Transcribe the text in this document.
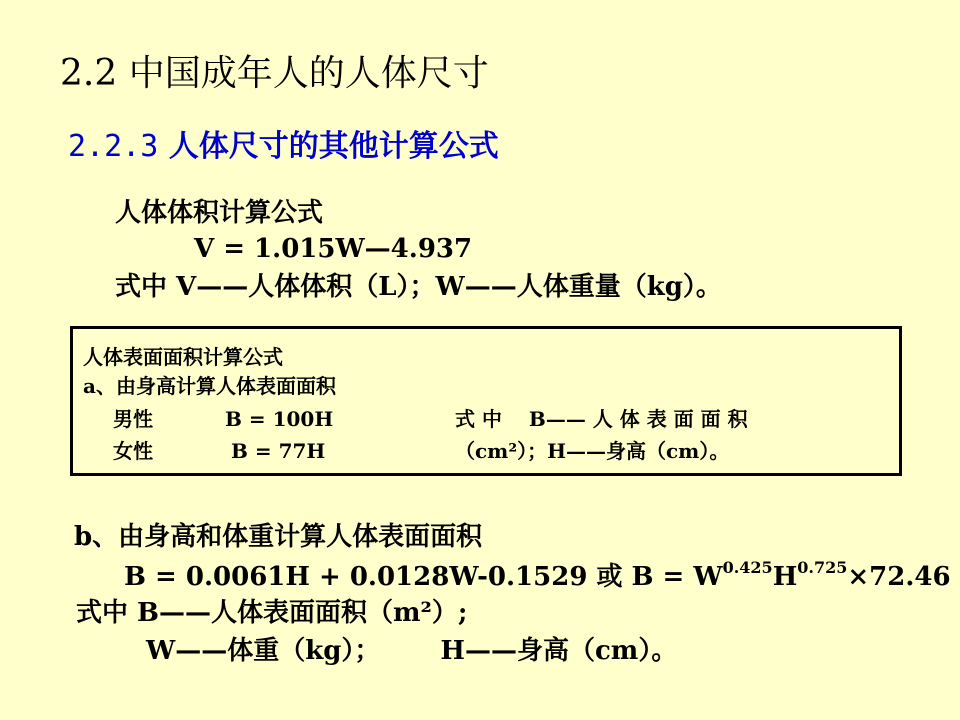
2.2 中国成年人的人体尺寸
2.2.3 人体尺寸的其他计算公式
人体体积计算公式
V = 1.015W—4.937
式中 V——人体体积（L）；W——人体重量（kg）。
人体表面面积计算公式
a、由身高计算人体表面面积
男性	B = 100H
女性	B = 77H
式 中　 B—— 人 体 表 面 面 积
（cm²）；H——身高（cm）。
b、由身高和体重计算人体表面面积
B = 0.0061H + 0.0128W-0.1529 或 $B = W^{0.425}H^{0.725}\times 72.46$
式中 B——人体表面面积（m²）;
W——体重（kg）； H——身高（cm）。
